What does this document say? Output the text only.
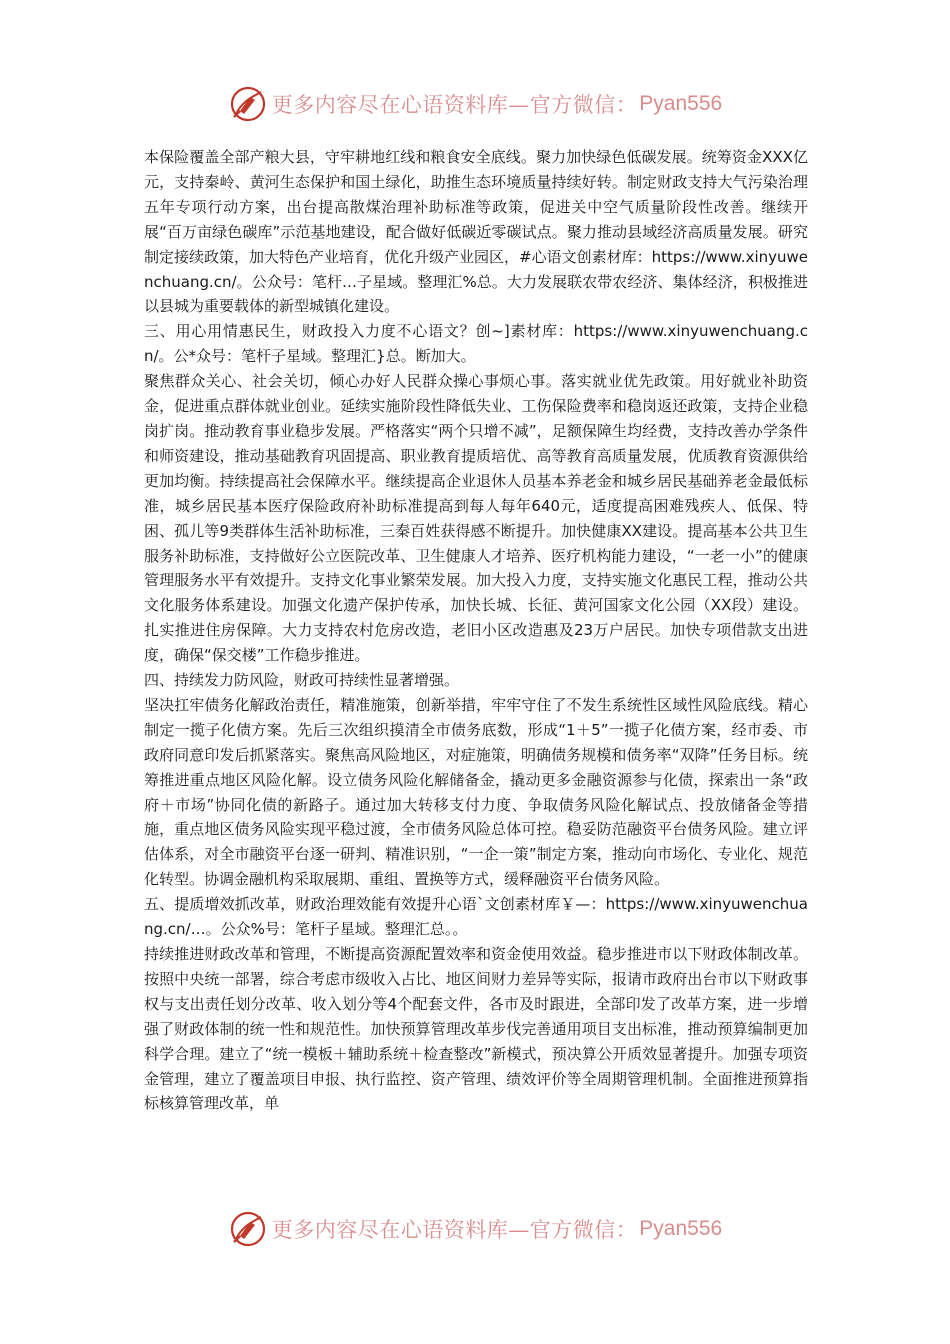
更多内容尽在心语资料库—官方微信： Pyan556

本保险覆盖全部产粮大县，守牢耕地红线和粮食安全底线。聚力加快绿色低碳发展。统筹资金XXX亿元，支持秦岭、黄河生态保护和国土绿化，助推生态环境质量持续好转。制定财政支持大气污染治理五年专项行动方案，出台提高散煤治理补助标准等政策，促进关中空气质量阶段性改善。继续开展“百万亩绿色碳库”示范基地建设，配合做好低碳近零碳试点。聚力推动县域经济高质量发展。研究制定接续政策，加大特色产业培育，优化升级产业园区，#心语文创素材库：https://www.xinyuwenchuang.cn/。公众号：笔杆…子星域。整理汇%总。大力发展联农带农经济、集体经济，积极推进以县城为重要载体的新型城镇化建设。

三、用心用情惠民生，财政投入力度不心语文？创~]素材库：https://www.xinyuwenchuang.cn/。公*众号：笔杆子星域。整理汇}总。断加大。

聚焦群众关心、社会关切，倾心办好人民群众操心事烦心事。落实就业优先政策。用好就业补助资金，促进重点群体就业创业。延续实施阶段性降低失业、工伤保险费率和稳岗返还政策，支持企业稳岗扩岗。推动教育事业稳步发展。严格落实“两个只增不减”，足额保障生均经费，支持改善办学条件和师资建设，推动基础教育巩固提高、职业教育提质培优、高等教育高质量发展，优质教育资源供给更加均衡。持续提高社会保障水平。继续提高企业退休人员基本养老金和城乡居民基础养老金最低标准，城乡居民基本医疗保险政府补助标准提高到每人每年640元，适度提高困难残疾人、低保、特困、孤儿等9类群体生活补助标准，三秦百姓获得感不断提升。加快健康XX建设。提高基本公共卫生服务补助标准，支持做好公立医院改革、卫生健康人才培养、医疗机构能力建设，“一老一小”的健康管理服务水平有效提升。支持文化事业繁荣发展。加大投入力度，支持实施文化惠民工程，推动公共文化服务体系建设。加强文化遗产保护传承，加快长城、长征、黄河国家文化公园（XX段）建设。扎实推进住房保障。大力支持农村危房改造，老旧小区改造惠及23万户居民。加快专项借款支出进度，确保“保交楼”工作稳步推进。

四、持续发力防风险，财政可持续性显著增强。

坚决扛牢债务化解政治责任，精准施策，创新举措，牢牢守住了不发生系统性区域性风险底线。精心制定一揽子化债方案。先后三次组织摸清全市债务底数，形成“1＋5”一揽子化债方案，经市委、市政府同意印发后抓紧落实。聚焦高风险地区，对症施策，明确债务规模和债务率“双降”任务目标。统筹推进重点地区风险化解。设立债务风险化解储备金，撬动更多金融资源参与化债，探索出一条“政府＋市场”协同化债的新路子。通过加大转移支付力度、争取债务风险化解试点、投放储备金等措施，重点地区债务风险实现平稳过渡，全市债务风险总体可控。稳妥防范融资平台债务风险。建立评估体系，对全市融资平台逐一研判、精准识别，“一企一策”制定方案，推动向市场化、专业化、规范化转型。协调金融机构采取展期、重组、置换等方式，缓释融资平台债务风险。

五、提质增效抓改革，财政治理效能有效提升心语`文创素材库￥—：https://www.xinyuwenchuang.cn/…。公众%号：笔杆子星域。整理汇总。。

持续推进财政改革和管理，不断提高资源配置效率和资金使用效益。稳步推进市以下财政体制改革。按照中央统一部署，综合考虑市级收入占比、地区间财力差异等实际，报请市政府出台市以下财政事权与支出责任划分改革、收入划分等4个配套文件，各市及时跟进，全部印发了改革方案，进一步增强了财政体制的统一性和规范性。加快预算管理改革步伐完善通用项目支出标准，推动预算编制更加科学合理。建立了“统一模板＋辅助系统＋检查整改”新模式，预决算公开质效显著提升。加强专项资金管理，建立了覆盖项目申报、执行监控、资产管理、绩效评价等全周期管理机制。全面推进预算指标核算管理改革，单

更多内容尽在心语资料库—官方微信： Pyan556
